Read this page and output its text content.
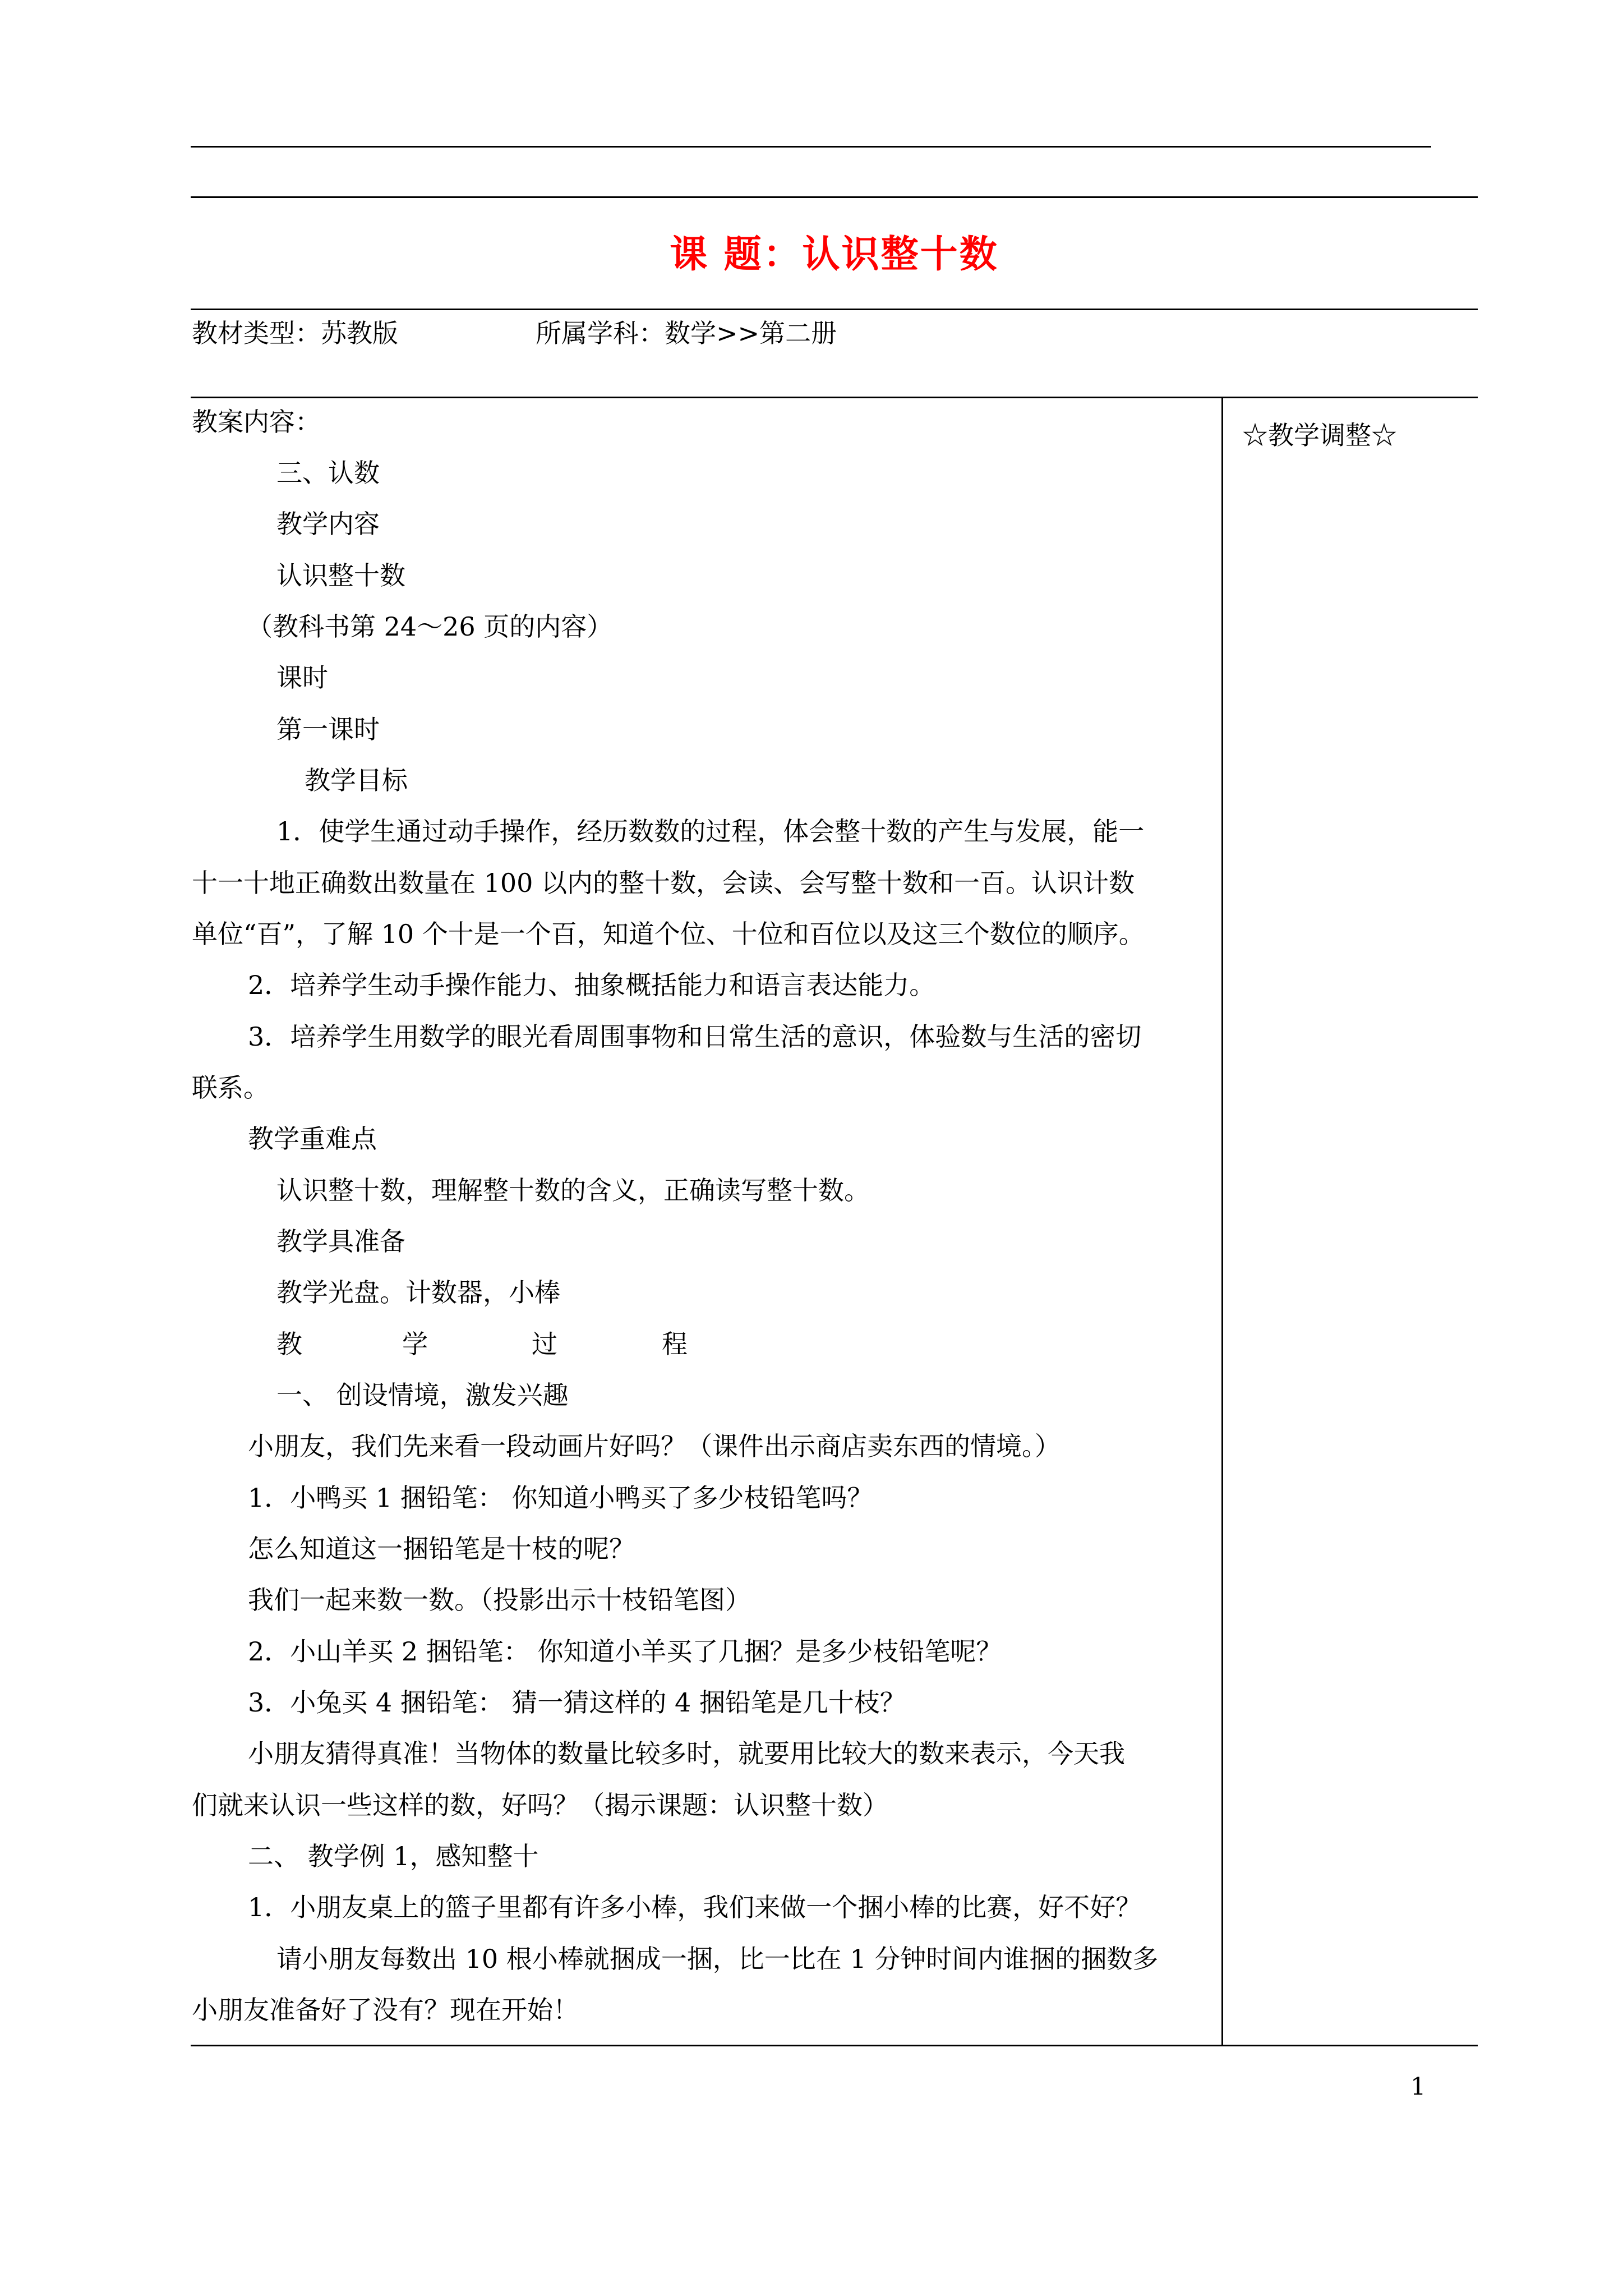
课 题：认识整十数
教材类型：苏教版	所属学科：数学>>第二册
☆教学调整☆
教案内容：
三、认数
教学内容
认识整十数
（教科书第 24～26 页的内容）
课时
第一课时
教学目标
1．使学生通过动手操作，经历数数的过程，体会整十数的产生与发展，能一
十一十地正确数出数量在 100 以内的整十数，会读、会写整十数和一百。认识计数
单位“百”，了解 10 个十是一个百，知道个位、十位和百位以及这三个数位的顺序。
2．培养学生动手操作能力、抽象概括能力和语言表达能力。
3．培养学生用数学的眼光看周围事物和日常生活的意识，体验数与生活的密切
联系。
教学重难点
认识整十数，理解整十数的含义，正确读写整十数。
教学具准备
教学光盘。计数器，小棒
教	学	过	程
一、 创设情境，激发兴趣
小朋友，我们先来看一段动画片好吗？（课件出示商店卖东西的情境。）
1．小鸭买 1 捆铅笔： 你知道小鸭买了多少枝铅笔吗？
怎么知道这一捆铅笔是十枝的呢？
我们一起来数一数。（投影出示十枝铅笔图）
2．小山羊买 2 捆铅笔： 你知道小羊买了几捆？是多少枝铅笔呢？
3．小兔买 4 捆铅笔： 猜一猜这样的 4 捆铅笔是几十枝？
小朋友猜得真准！当物体的数量比较多时，就要用比较大的数来表示，今天我
们就来认识一些这样的数，好吗？（揭示课题：认识整十数）
二、 教学例 1，感知整十
1．小朋友桌上的篮子里都有许多小棒，我们来做一个捆小棒的比赛，好不好？
请小朋友每数出 10 根小棒就捆成一捆，比一比在 1 分钟时间内谁捆的捆数多
小朋友准备好了没有？现在开始！
1
